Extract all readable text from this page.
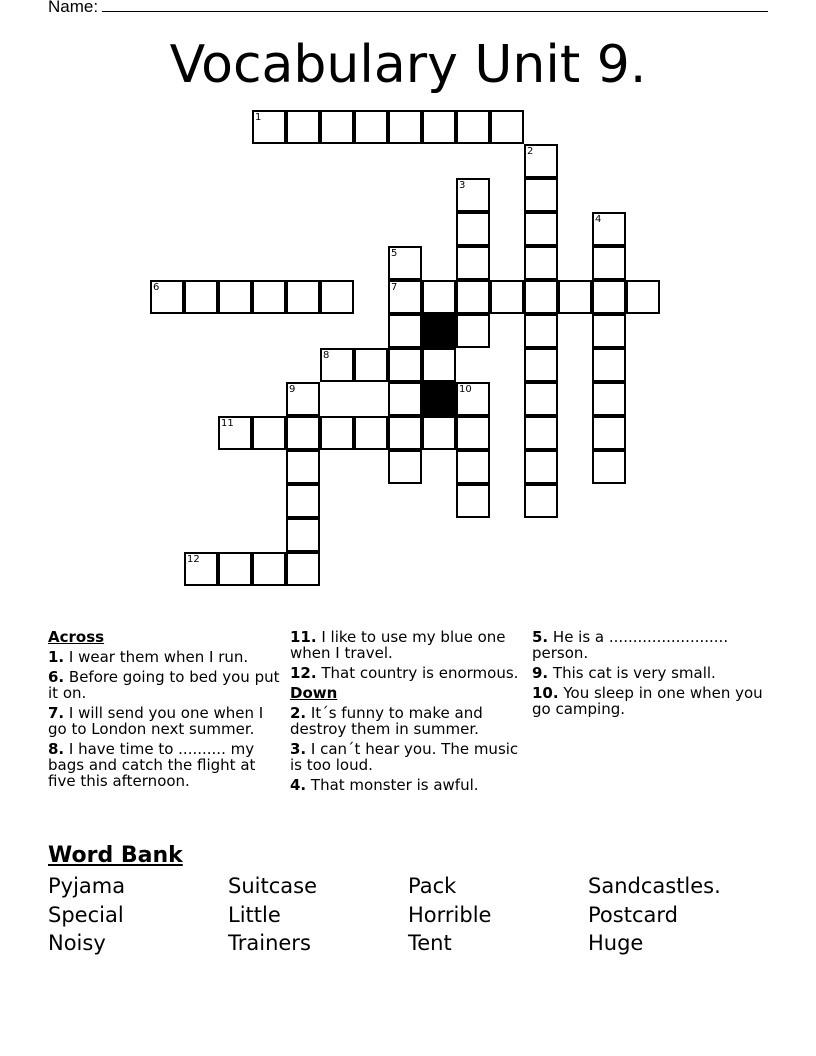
Name:
Vocabulary Unit 9.
1
2
3
4
5
6	7
8
9	10
11
12
Across
1. I wear them when I run.
6. Before going to bed you put it on.
7. I will send you one when I go to London next summer.
8. I have time to .......... my bags and catch the flight at five this afternoon.
11. I like to use my blue one when I travel.
12. That country is enormous.
Down
2. It´s funny to make and destroy them in summer.
3. I can´t hear you. The music is too loud.
4. That monster is awful.
5. He is a ......................... person.
9. This cat is very small.
10. You sleep in one when you go camping.
Word Bank
Pyjama	Suitcase	Pack	Sandcastles.
Special	Little	Horrible	Postcard
Noisy	Trainers	Tent	Huge
